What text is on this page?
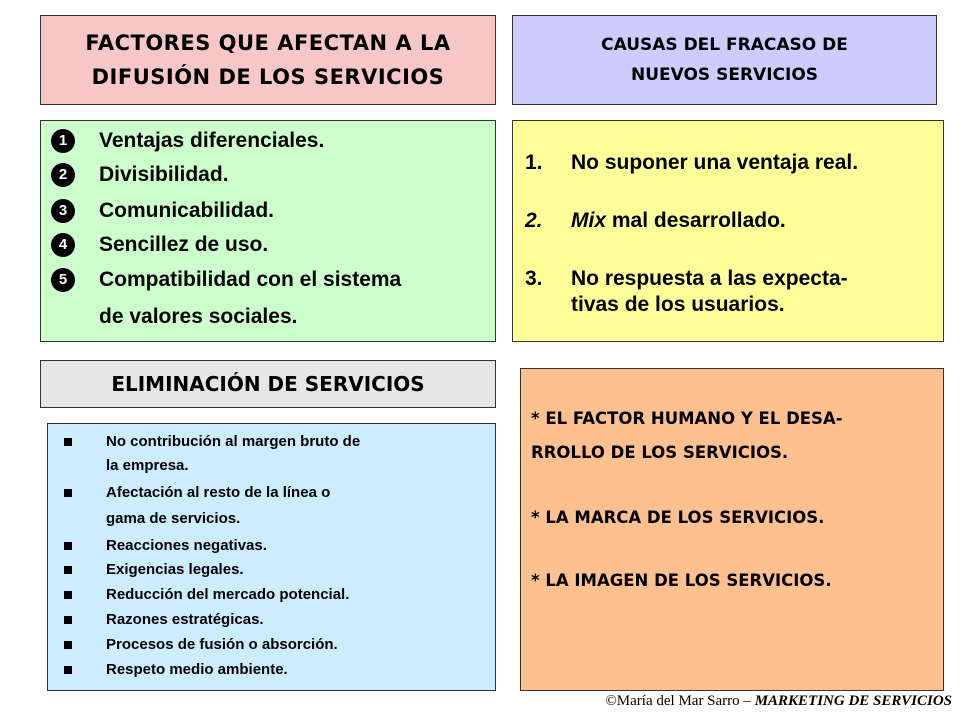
FACTORES QUE AFECTAN A LA
DIFUSIÓN DE LOS SERVICIOS
CAUSAS DEL FRACASO DE
NUEVOS SERVICIOS
ELIMINACIÓN DE SERVICIOS
1	Ventajas diferenciales.
2	Divisibilidad.
3	Comunicabilidad.
4	Sencillez de uso.
5	Compatibilidad con el sistema
de valores sociales.
1. No suponer una ventaja real.
2. Mix mal desarrollado.
3. No respuesta a las expecta-
tivas de los usuarios.
No contribución al margen bruto de
la empresa.
Afectación al resto de la línea o
gama de servicios.
Reacciones negativas.
Exigencias legales.
Reducción del mercado potencial.
Razones estratégicas.
Procesos de fusión o absorción.
Respeto medio ambiente.
* EL FACTOR HUMANO Y EL DESA-
RROLLO DE LOS SERVICIOS.
* LA MARCA DE LOS SERVICIOS.
* LA IMAGEN DE LOS SERVICIOS.
©María del Mar Sarro – MARKETING DE SERVICIOS
